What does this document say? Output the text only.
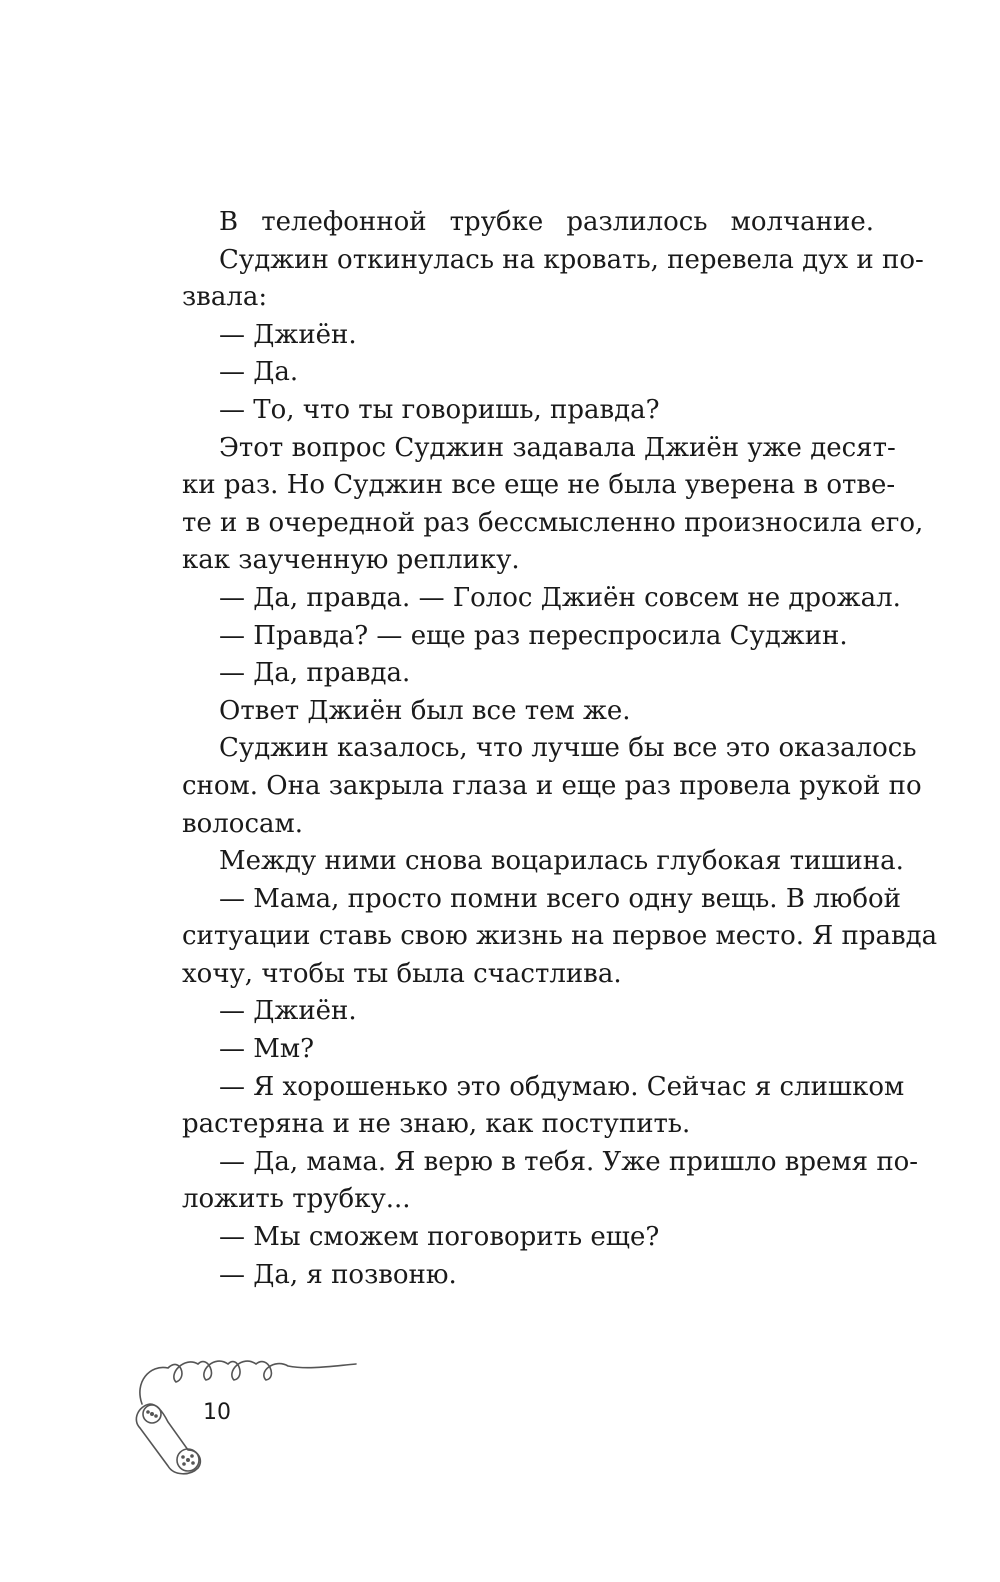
В телефонной трубке разлилось молчание.
Суджин откинулась на кровать, перевела дух и по-
звала:
— Джиён.
— Да.
— То, что ты говоришь, правда?
Этот вопрос Суджин задавала Джиён уже десят-
ки раз. Но Суджин все еще не была уверена в отве-
те и в очередной раз бессмысленно произносила его,
как заученную реплику.
— Да, правда. — Голос Джиён совсем не дрожал.
— Правда? — еще раз переспросила Суджин.
— Да, правда.
Ответ Джиён был все тем же.
Суджин казалось, что лучше бы все это оказалось
сном. Она закрыла глаза и еще раз провела рукой по
волосам.
Между ними снова воцарилась глубокая тишина.
— Мама, просто помни всего одну вещь. В любой
ситуации ставь свою жизнь на первое место. Я правда
хочу, чтобы ты была счастлива.
— Джиён.
— Мм?
— Я хорошенько это обдумаю. Сейчас я слишком
растеряна и не знаю, как поступить.
— Да, мама. Я верю в тебя. Уже пришло время по-
ложить трубку...
— Мы сможем поговорить еще?
— Да, я позвоню.
10
